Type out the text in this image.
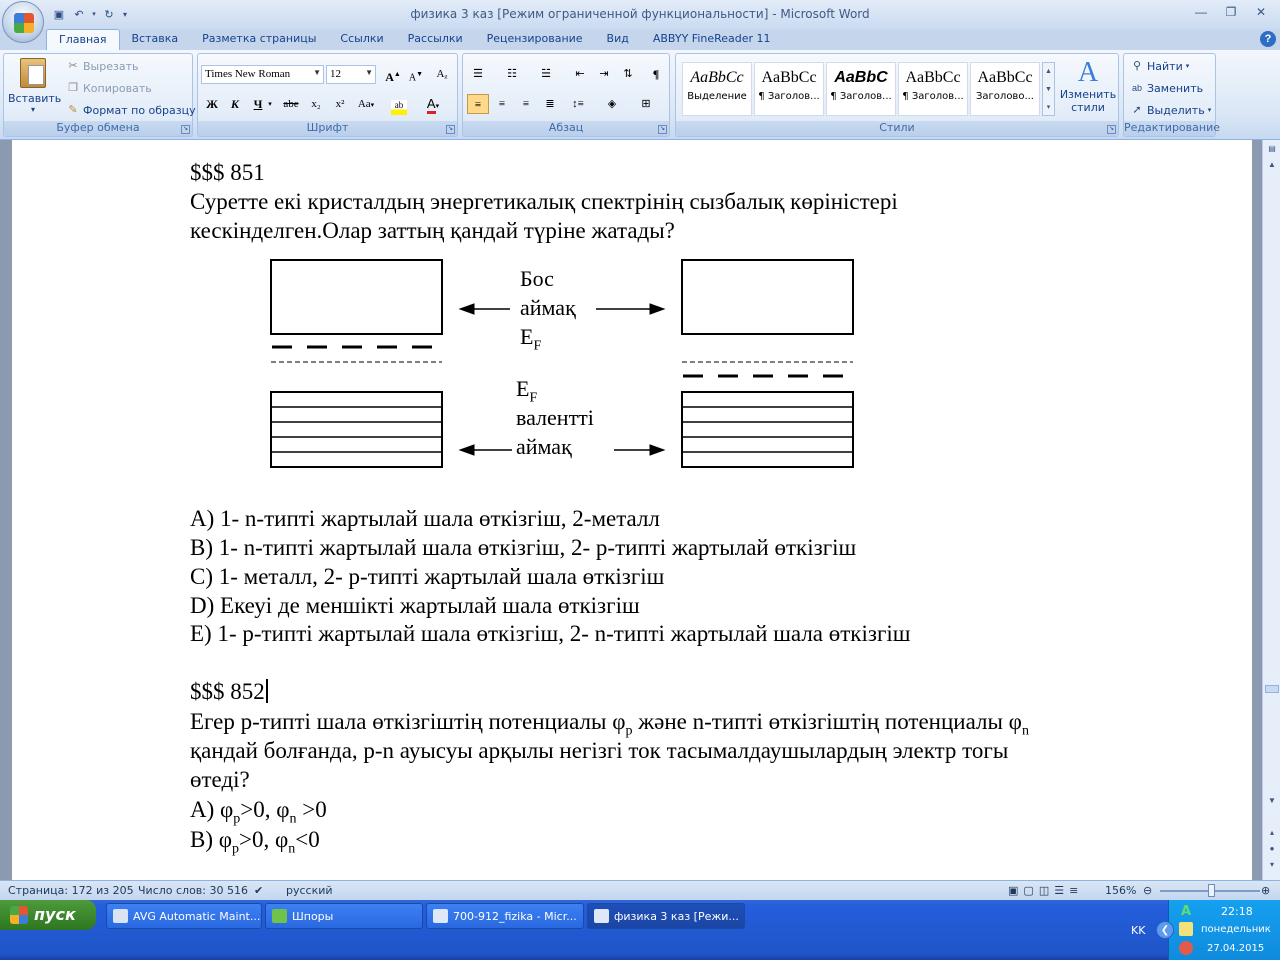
▣ ↶	▾ ↻	▾	физика 3 каз [Режим ограниченной функциональности] - Microsoft Word	—	❐	✕
Главная	Вставка	Разметка страницы	Ссылки	Рассылки	Рецензирование	Вид	ABBYY FineReader 11	?
Вставить
▾
✂ Вырезать
❐ Копировать
✎ Формат по образцу
Буфер обмена	↘
Times New Roman	▼ 12	▼ A▲ A▼	Aᵪ
Ж	К	Ч ▾	abe	x₂	x²	Aa▾	ab	A▾
Шрифт	↘
☰	☷	☱	⇤	⇥	⇅	¶
≡	≡	≡	≣	↕≡	◈	⊞
Абзац	↘
AaBbCc
Выделение
AaBbCc
¶ Заголов...
AaBbC
¶ Заголов...
AaBbCc
¶ Заголов...
AaBbCc
Заголово...
▲
▼
▾
A
Изменить стили
Стили	↘
⚲ Найти ▾
ab Заменить
➚ Выделить ▾
Редактирование
$$$ 851
Суретте екі кристалдың энергетикалық спектрінің сызбалық көріністері
кескінделген.Олар заттың қандай түріне жатады?
Бос
аймақ
$E_F$
$E_F$
валентті
аймақ
A) 1- n-типті жартылай шала өткізгіш, 2-металл
B) 1- n-типті жартылай шала өткізгіш, 2- p-типті жартылай өткізгіш
C) 1- металл, 2- p-типті жартылай шала өткізгіш
D) Екеуі де меншікті жартылай шала өткізгіш
E) 1- p-типті жартылай шала өткізгіш, 2- n-типті жартылай шала өткізгіш
$$$ 852
Егер p-типті шала өткізгіштің потенциалы $\varphi_p$ және n-типті өткізгіштің потенциалы $\varphi_n$
қандай болғанда, p-n ауысуы арқылы негізгі ток тасымалдаушылардың электр тогы
өтеді?
A) $\varphi_p>0$, $\varphi_n >0$
B) $\varphi_p>0$, $\varphi_n<0$
▤
▲
▼
▴
●
▾
Страница: 172 из 205 Число слов: 30 516 ✔ русский	▣▢◫☰≡ 156% ⊖	⊕
пуск	AVG Automatic Maint...	Шпоры	700-912_fizika - Micr...	физика 3 каз [Режи...	A	22:18
понедельник
27.04.2015
KK	❮
